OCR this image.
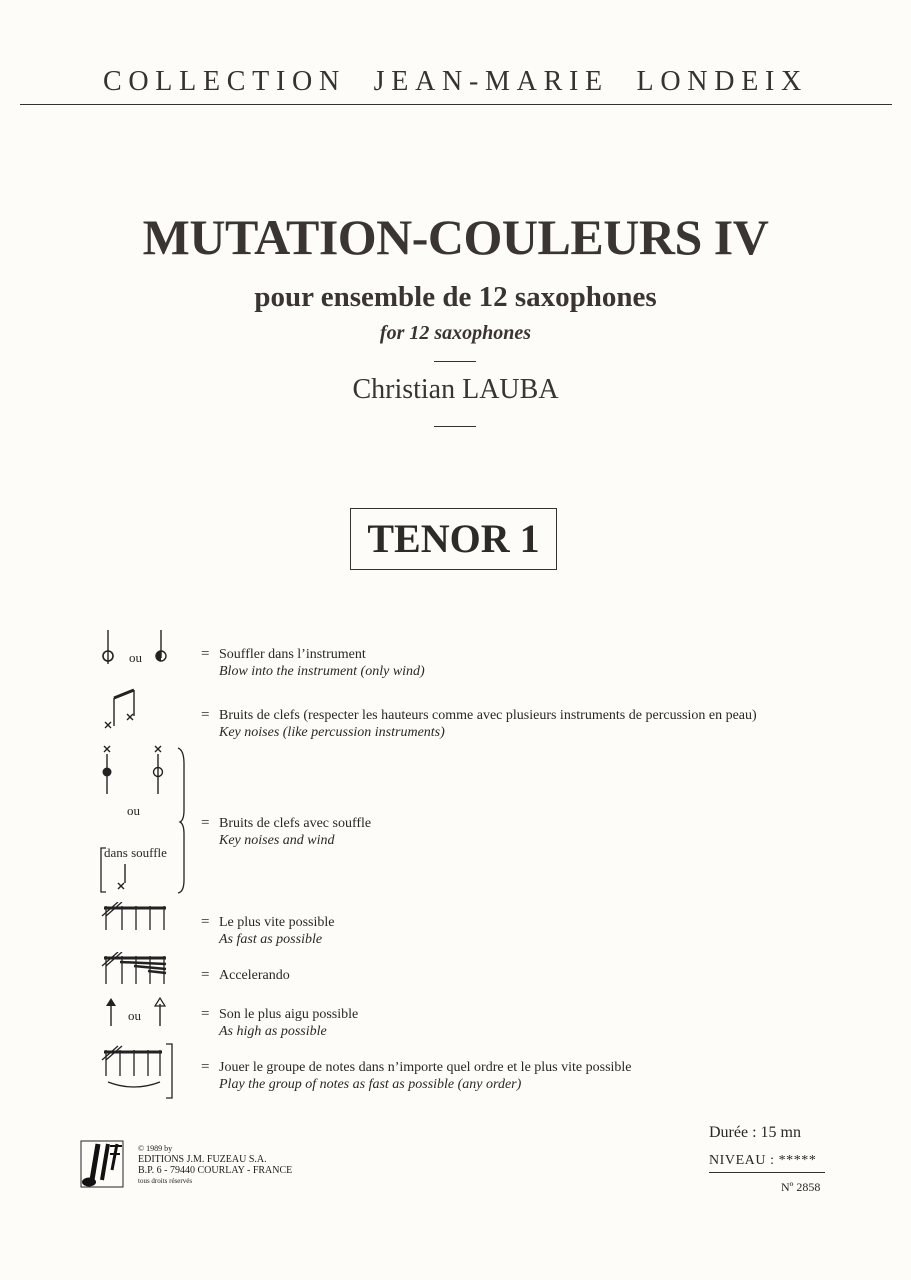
COLLECTION JEAN-MARIE LONDEIX
MUTATION-COULEURS IV
pour ensemble de 12 saxophones
for 12 saxophones
Christian LAUBA
TENOR 1
ou	= Souffler dans l’instrument
Blow into the instrument (only wind)
= Bruits de clefs (respecter les hauteurs comme avec plusieurs instruments de percussion en peau)
Key noises (like percussion instruments)
ou
dans souffle
= Bruits de clefs avec souffle
Key noises and wind
= Le plus vite possible
As fast as possible
= Accelerando
ou	= Son le plus aigu possible
As high as possible
= Jouer le groupe de notes dans n’importe quel ordre et le plus vite possible
Play the group of notes as fast as possible (any order)
© 1989 by
EDITIONS J.M. FUZEAU S.A.
B.P. 6 - 79440 COURLAY - FRANCE
tous droits réservés
Durée : 15 mn
NIVEAU : *****
Nº 2858
